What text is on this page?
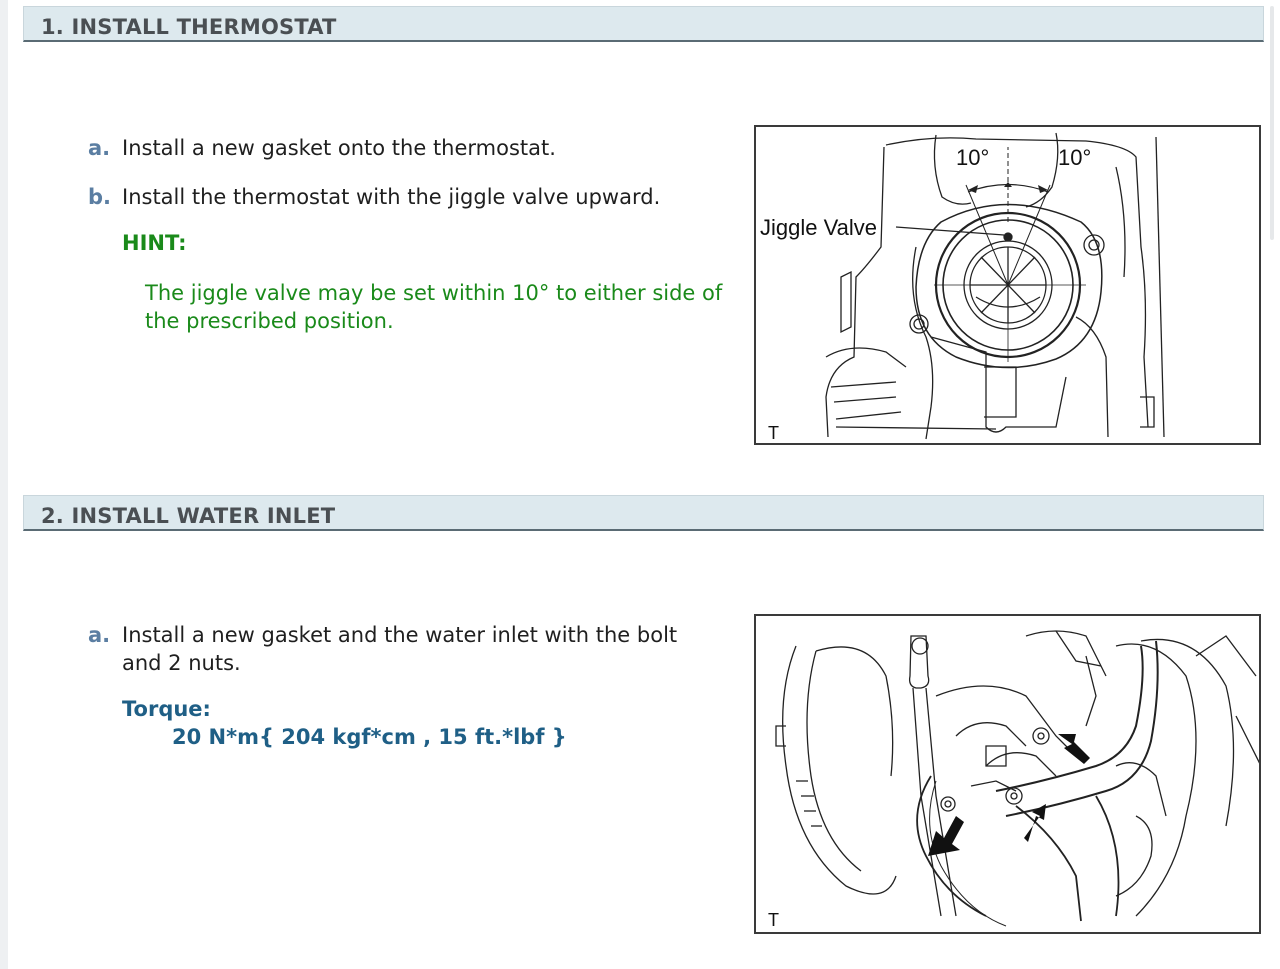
1. INSTALL THERMOSTAT
a. Install a new gasket onto the thermostat.
b. Install the thermostat with the jiggle valve upward.
HINT:
The jiggle valve may be set within 10° to either side of
the prescribed position.
10°	10°
Jiggle Valve
T
2. INSTALL WATER INLET
a. Install a new gasket and the water inlet with the bolt
and 2 nuts.
Torque:
20 N*m{ 204 kgf*cm , 15 ft.*lbf }
T
